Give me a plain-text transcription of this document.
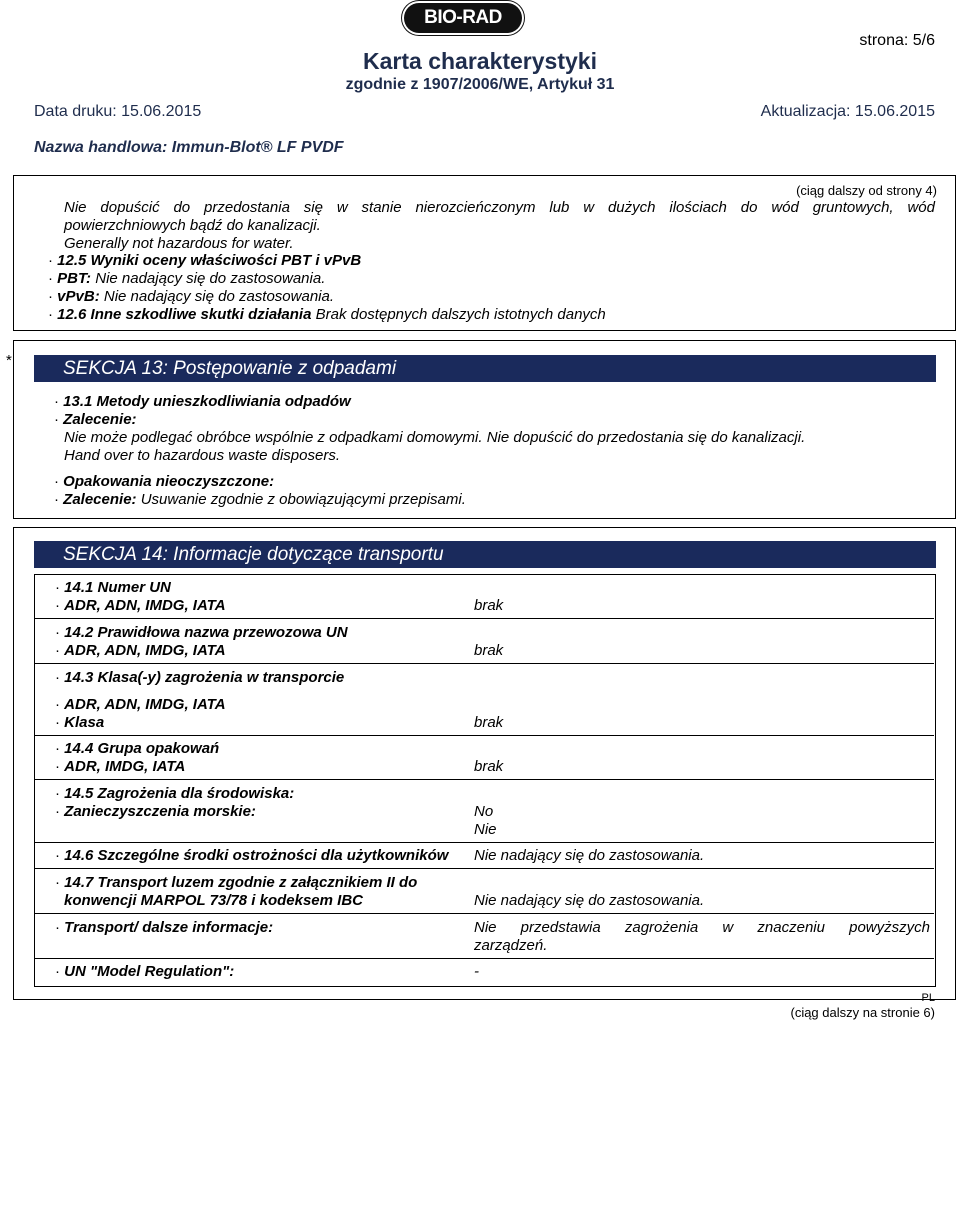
BIO-RAD
strona: 5/6
Karta charakterystyki
zgodnie z 1907/2006/WE, Artykuł 31
Data druku: 15.06.2015	Aktualizacja: 15.06.2015
Nazwa handlowa: Immun-Blot® LF PVDF
(ciąg dalszy od strony 4)
Nie dopuścić do przedostania się w stanie nierozcieńczonym lub w dużych ilościach do wód gruntowych, wód
powierzchniowych bądź do kanalizacji.
Generally not hazardous for water.
· 12.5 Wyniki oceny właściwości PBT i vPvB
· PBT: Nie nadający się do zastosowania.
· vPvB: Nie nadający się do zastosowania.
· 12.6 Inne szkodliwe skutki działania Brak dostępnych dalszych istotnych danych
*	SEKCJA 13: Postępowanie z odpadami
· 13.1 Metody unieszkodliwiania odpadów
· Zalecenie:
Nie może podlegać obróbce wspólnie z odpadkami domowymi. Nie dopuścić do przedostania się do kanalizacji.
Hand over to hazardous waste disposers.
· Opakowania nieoczyszczone:
· Zalecenie: Usuwanie zgodnie z obowiązującymi przepisami.
SEKCJA 14: Informacje dotyczące transportu
· 14.1 Numer UN
· ADR, ADN, IMDG, IATA	brak
· 14.2 Prawidłowa nazwa przewozowa UN
· ADR, ADN, IMDG, IATA	brak
· 14.3 Klasa(-y) zagrożenia w transporcie
· ADR, ADN, IMDG, IATA
· Klasa	brak
· 14.4 Grupa opakowań
· ADR, IMDG, IATA	brak
· 14.5 Zagrożenia dla środowiska:
· Zanieczyszczenia morskie:	No
Nie
· 14.6 Szczególne środki ostrożności dla użytkowników Nie nadający się do zastosowania.
· 14.7 Transport luzem zgodnie z załącznikiem II do
konwencji MARPOL 73/78 i kodeksem IBC	Nie nadający się do zastosowania.
· Transport/ dalsze informacje:	Nie przedstawia zagrożenia w znaczeniu powyższych
zarządzeń.
· UN "Model Regulation":	-
PL
(ciąg dalszy na stronie 6)
